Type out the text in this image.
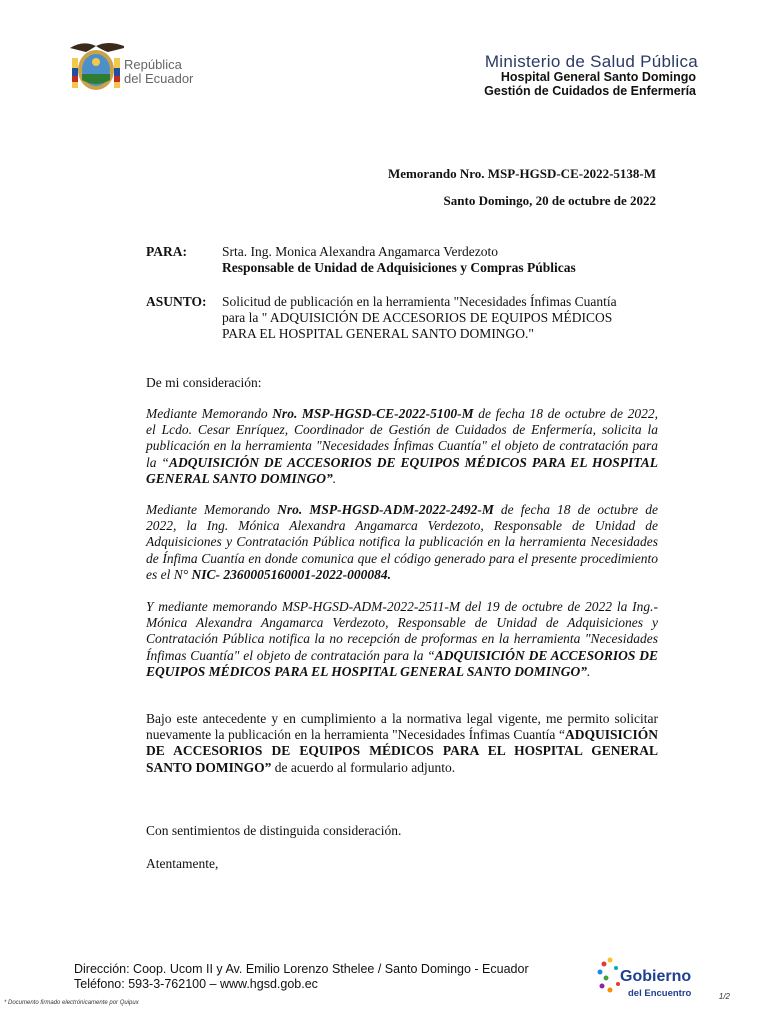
República
del Ecuador
Ministerio de Salud Pública
Hospital General Santo Domingo
Gestión de Cuidados de Enfermería
Memorando Nro. MSP-HGSD-CE-2022-5138-M
Santo Domingo, 20 de octubre de 2022
PARA:	Srta. Ing. Monica Alexandra Angamarca Verdezoto
Responsable de Unidad de Adquisiciones y Compras Públicas
ASUNTO: Solicitud de publicación en la herramienta "Necesidades Ínfimas Cuantía
para la " ADQUISICIÓN DE ACCESORIOS DE EQUIPOS MÉDICOS
PARA EL HOSPITAL GENERAL SANTO DOMINGO."
De mi consideración:
Mediante Memorando Nro. MSP-HGSD-CE-2022-5100-M de fecha 18 de octubre de 2022, el Lcdo. Cesar Enríquez, Coordinador de Gestión de Cuidados de Enfermería, solicita la publicación en la herramienta "Necesidades Ínfimas Cuantía" el objeto de contratación para la “ADQUISICIÓN DE ACCESORIOS DE EQUIPOS MÉDICOS PARA EL HOSPITAL GENERAL SANTO DOMINGO”.
Mediante Memorando Nro. MSP-HGSD-ADM-2022-2492-M de fecha 18 de octubre de 2022, la Ing. Mónica Alexandra Angamarca Verdezoto, Responsable de Unidad de Adquisiciones y Contratación Pública notifica la publicación en la herramienta Necesidades de Ínfima Cuantía en donde comunica que el código generado para el presente procedimiento es el N° NIC- 2360005160001-2022-000084.
Y mediante memorando MSP-HGSD-ADM-2022-2511-M del 19 de octubre de 2022 la Ing.- Mónica Alexandra Angamarca Verdezoto, Responsable de Unidad de Adquisiciones y Contratación Pública notifica la no recepción de proformas en la herramienta "Necesidades Ínfimas Cuantía" el objeto de contratación para la “ADQUISICIÓN DE ACCESORIOS DE EQUIPOS MÉDICOS PARA EL HOSPITAL GENERAL SANTO DOMINGO”.
Bajo este antecedente y en cumplimiento a la normativa legal vigente, me permito solicitar nuevamente la publicación en la herramienta "Necesidades Ínfimas Cuantía “ADQUISICIÓN DE ACCESORIOS DE EQUIPOS MÉDICOS PARA EL HOSPITAL GENERAL SANTO DOMINGO” de acuerdo al formulario adjunto.
Con sentimientos de distinguida consideración.
Atentamente,
Dirección: Coop. Ucom II y Av. Emilio Lorenzo Sthelee / Santo Domingo - Ecuador
Teléfono: 593-3-762100 – www.hgsd.gob.ec	Gobierno
del Encuentro
* Documento firmado electrónicamente por Quipux
1/2
